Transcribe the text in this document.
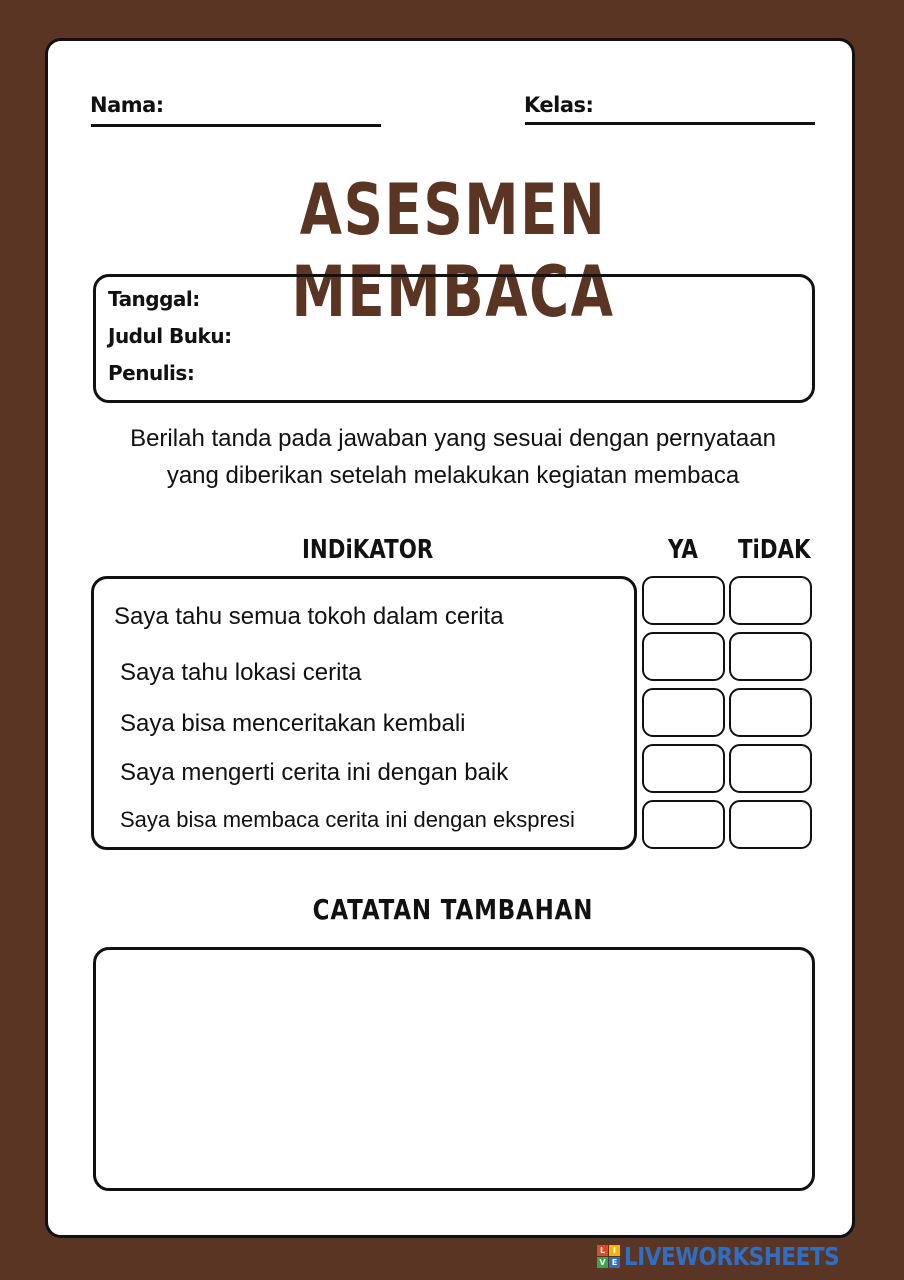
Nama:	Kelas:
ASESMEN MEMBACA
Tanggal:
Judul Buku:
Penulis:
Berilah tanda pada jawaban yang sesuai dengan pernyataan yang diberikan setelah melakukan kegiatan membaca
INDiKATOR	YA TiDAK
Saya tahu semua tokoh dalam cerita
Saya tahu lokasi cerita
Saya bisa menceritakan kembali
Saya mengerti cerita ini dengan baik
Saya bisa membaca cerita ini dengan ekspresi
CATATAN TAMBAHAN
L I
V E LIVEWORKSHEETS
